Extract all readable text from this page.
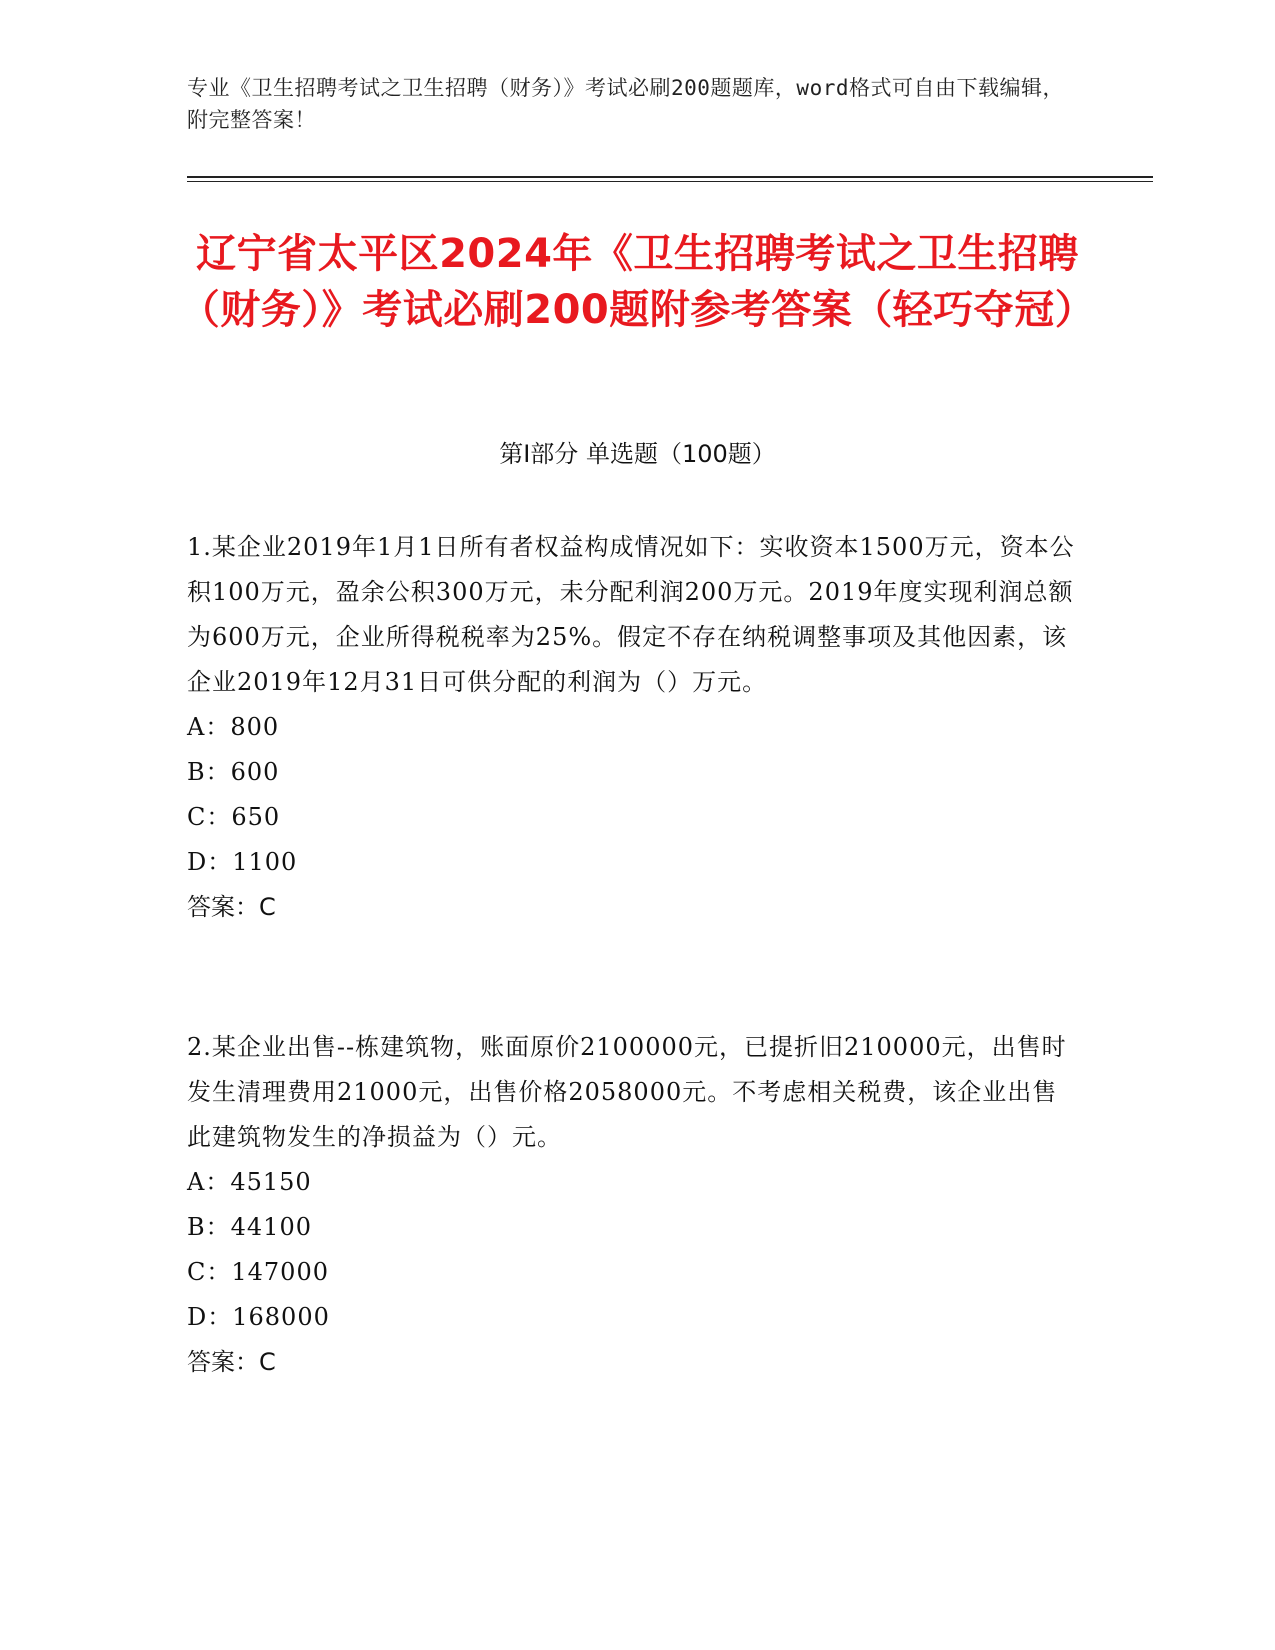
专业《卫生招聘考试之卫生招聘（财务）》考试必刷200题题库，word格式可自由下载编辑，附完整答案！
辽宁省太平区2024年《卫生招聘考试之卫生招聘（财务）》考试必刷200题附参考答案（轻巧夺冠）
第I部分 单选题（100题）

1.某企业2019年1月1日所有者权益构成情况如下：实收资本1500万元，资本公积100万元，盈余公积300万元，未分配利润200万元。2019年度实现利润总额为600万元，企业所得税税率为25%。假定不存在纳税调整事项及其他因素，该企业2019年12月31日可供分配的利润为（）万元。

A：800

B：600

C：650

D：1100

答案：C

2.某企业出售--栋建筑物，账面原价2100000元，已提折旧210000元，出售时发生清理费用21000元，出售价格2058000元。不考虑相关税费，该企业出售此建筑物发生的净损益为（）元。

A：45150

B：44100

C：147000

D：168000

答案：C
